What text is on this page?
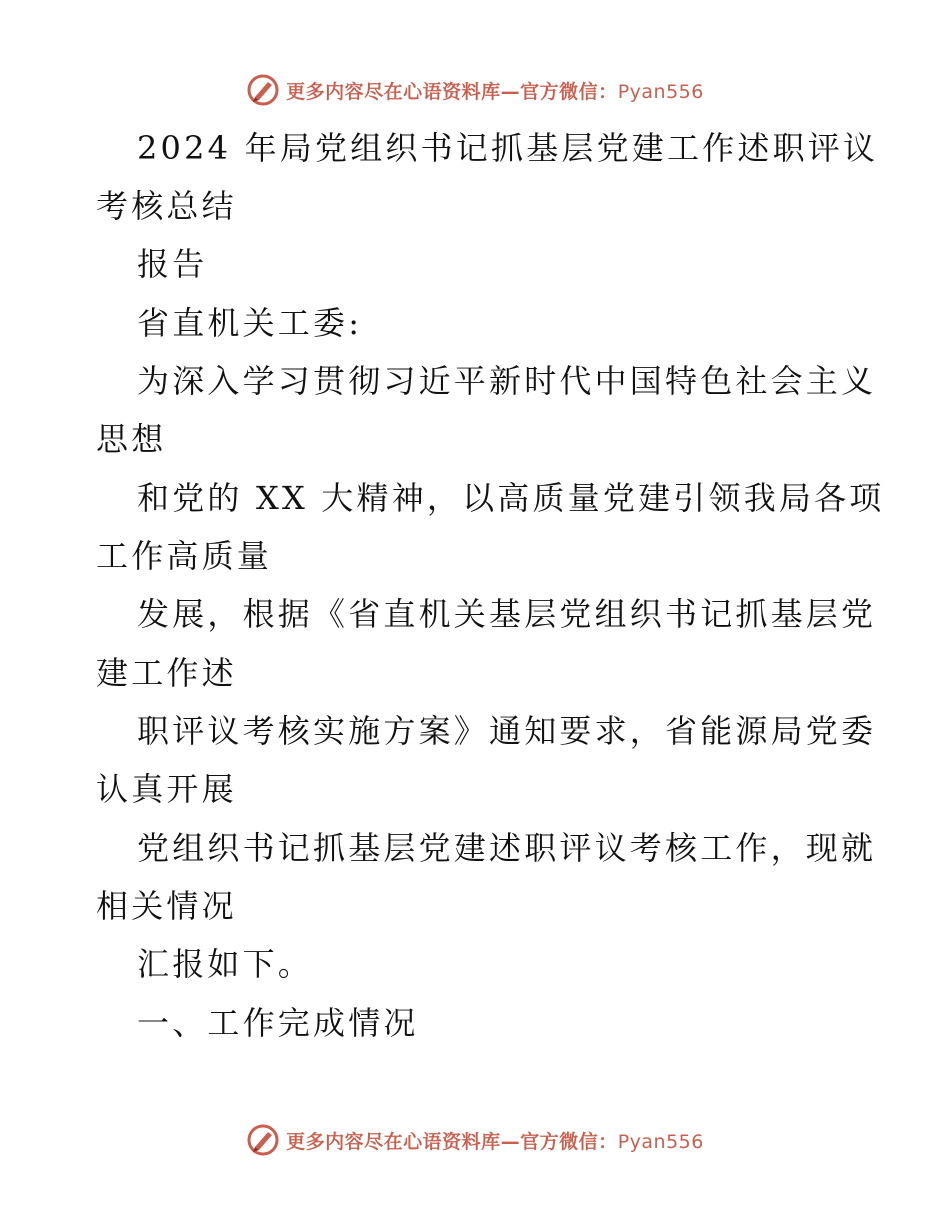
更多内容尽在心语资料库—官方微信：Pyan556
2024 年局党组织书记抓基层党建工作述职评议
考核总结
报告
省直机关工委:
为深入学习贯彻习近平新时代中国特色社会主义
思想
和党的 XX 大精神，以高质量党建引领我局各项
工作高质量
发展，根据《省直机关基层党组织书记抓基层党
建工作述
职评议考核实施方案》通知要求，省能源局党委
认真开展
党组织书记抓基层党建述职评议考核工作，现就
相关情况
汇报如下。
一、工作完成情况
更多内容尽在心语资料库—官方微信：Pyan556
